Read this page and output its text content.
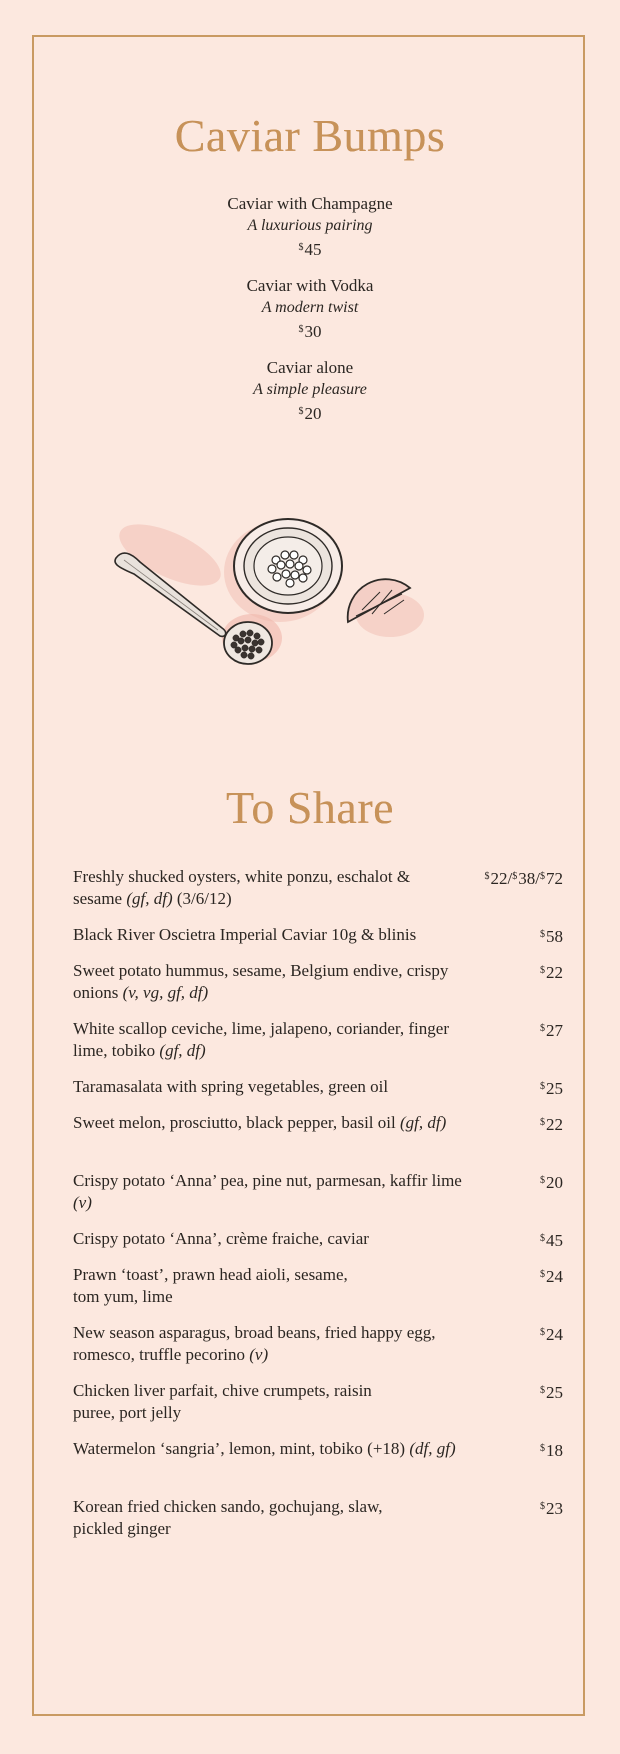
Caviar Bumps
Caviar with Champagne
A luxurious pairing
$45
Caviar with Vodka
A modern twist
$30
Caviar alone
A simple pleasure
$20
To Share
Freshly shucked oysters, white ponzu, eschalot & sesame (gf, df) (3/6/12)
$22/$38/$72
Black River Oscietra Imperial Caviar 10g & blinis	$58
Sweet potato hummus, sesame, Belgium endive, crispy onions (v, vg, gf, df)
$22
White scallop ceviche, lime, jalapeno, coriander, finger lime, tobiko (gf, df)
$27
Taramasalata with spring vegetables, green oil	$25
Sweet melon, prosciutto, black pepper, basil oil (gf, df)	$22
Crispy potato ‘Anna’ pea, pine nut, parmesan, kaffir lime (v)
$20
Crispy potato ‘Anna’, crème fraiche, caviar	$45
Prawn ‘toast’, prawn head aioli, sesame, tom yum, lime
$24
New season asparagus, broad beans, fried happy egg, romesco, truffle pecorino (v)
$24
Chicken liver parfait, chive crumpets, raisin puree, port jelly
$25
Watermelon ‘sangria’, lemon, mint, tobiko (+18) (df, gf)	$18
Korean fried chicken sando, gochujang, slaw, pickled ginger
$23
